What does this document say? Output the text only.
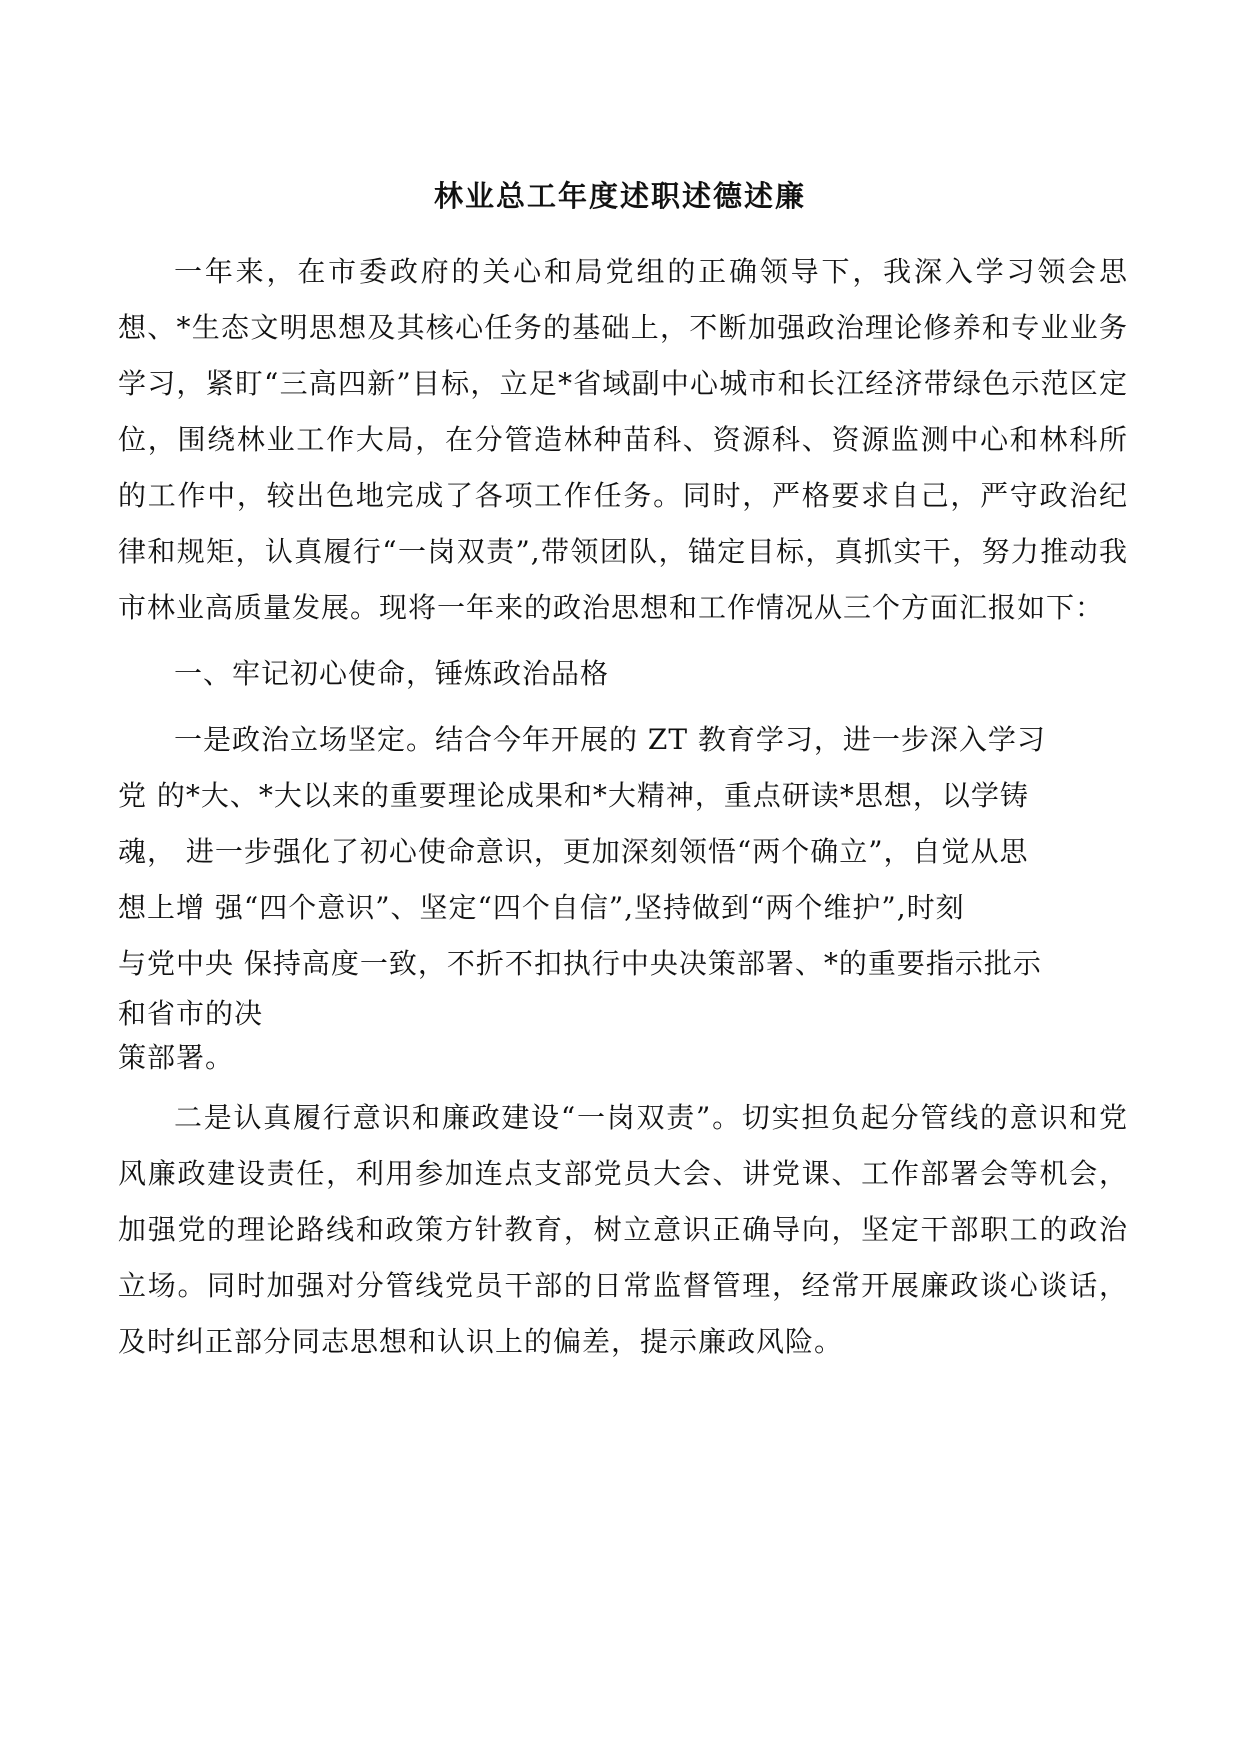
林业总工年度述职述德述廉

一年来，在市委政府的关心和局党组的正确领导下，我深入学习领会思想、*生态文明思想及其核心任务的基础上，不断加强政治理论修养和专业业务学习，紧盯“三高四新”目标，立足*省域副中心城市和长江经济带绿色示范区定位，围绕林业工作大局，在分管造林种苗科、资源科、资源监测中心和林科所的工作中，较出色地完成了各项工作任务。同时，严格要求自己，严守政治纪律和规矩，认真履行“一岗双责”,带领团队，锚定目标，真抓实干，努力推动我市林业高质量发展。现将一年来的政治思想和工作情况从三个方面汇报如下：

一、牢记初心使命，锤炼政治品格

一是政治立场坚定。结合今年开展的 ZT 教育学习，进一步深入学习
党 的*大、*大以来的重要理论成果和*大精神，重点研读*思想，以学铸
魂， 进一步强化了初心使命意识，更加深刻领悟“两个确立”，自觉从思
想上增 强“四个意识”、坚定“四个自信”,坚持做到“两个维护”,时刻
与党中央 保持高度一致，不折不扣执行中央决策部署、*的重要指示批示
和省市的决

策部署。

二是认真履行意识和廉政建设“一岗双责”。切实担负起分管线的意识和党风廉政建设责任，利用参加连点支部党员大会、讲党课、工作部署会等机会，加强党的理论路线和政策方针教育，树立意识正确导向，坚定干部职工的政治立场。同时加强对分管线党员干部的日常监督管理，经常开展廉政谈心谈话，及时纠正部分同志思想和认识上的偏差，提示廉政风险。
